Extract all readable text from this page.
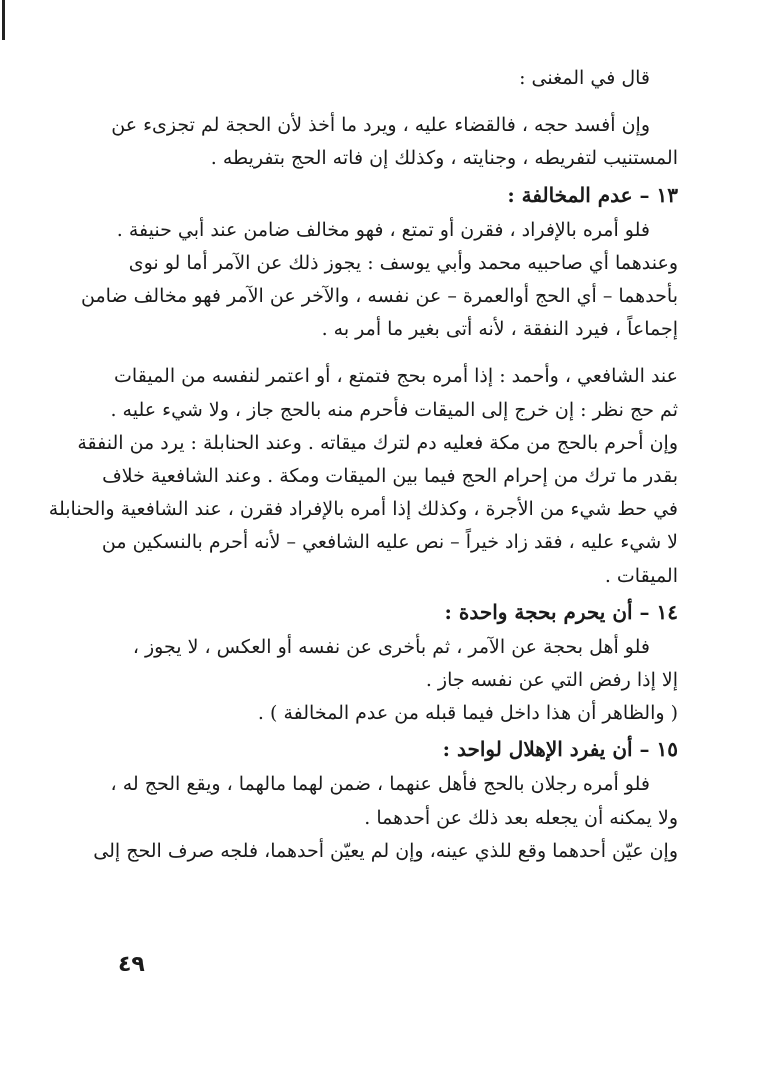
قال في المغنى :
وإن أفسد حجه ، فالقضاء عليه ، ويرد ما أخذ لأن الحجة لم تجزىء عن
المستنيب لتفريطه ، وجنايته ، وكذلك إن فاته الحج بتفريطه .
١٣ – عدم المخالفة :
فلو أمره بالإفراد ، فقرن أو تمتع ، فهو مخالف ضامن عند أبي حنيفة .
وعندهما أي صاحبيه محمد وأبي يوسف : يجوز ذلك عن الآمر أما لو نوى
بأحدهما – أي الحج أوالعمرة – عن نفسه ، والآخر عن الآمر فهو مخالف ضامن
إجماعاً ، فيرد النفقة ، لأنه أتى بغير ما أمر به .
عند الشافعي ، وأحمد : إذا أمره بحج فتمتع ، أو اعتمر لنفسه من الميقات
ثم حج نظر : إن خرج إلى الميقات فأحرم منه بالحج جاز ، ولا شيء عليه .
وإن أحرم بالحج من مكة فعليه دم لترك ميقاته . وعند الحنابلة : يرد من النفقة
بقدر ما ترك من إحرام الحج فيما بين الميقات ومكة . وعند الشافعية خلاف
في حط شيء من الأجرة ، وكذلك إذا أمره بالإفراد فقرن ، عند الشافعية والحنابلة
لا شيء عليه ، فقد زاد خيراً – نص عليه الشافعي – لأنه أحرم بالنسكين من
الميقات .
١٤ – أن يحرم بحجة واحدة :
فلو أهل بحجة عن الآمر ، ثم بأخرى عن نفسه أو العكس ، لا يجوز ،
إلا إذا رفض التي عن نفسه جاز .
( والظاهر أن هذا داخل فيما قبله من عدم المخالفة ) .
١٥ – أن يفرد الإهلال لواحد :
فلو أمره رجلان بالحج فأهل عنهما ، ضمن لهما مالهما ، ويقع الحج له ،
ولا يمكنه أن يجعله بعد ذلك عن أحدهما .
وإن عيّن أحدهما وقع للذي عينه، وإن لم يعيّن أحدهما، فلجه صرف الحج إلى
٤٩
